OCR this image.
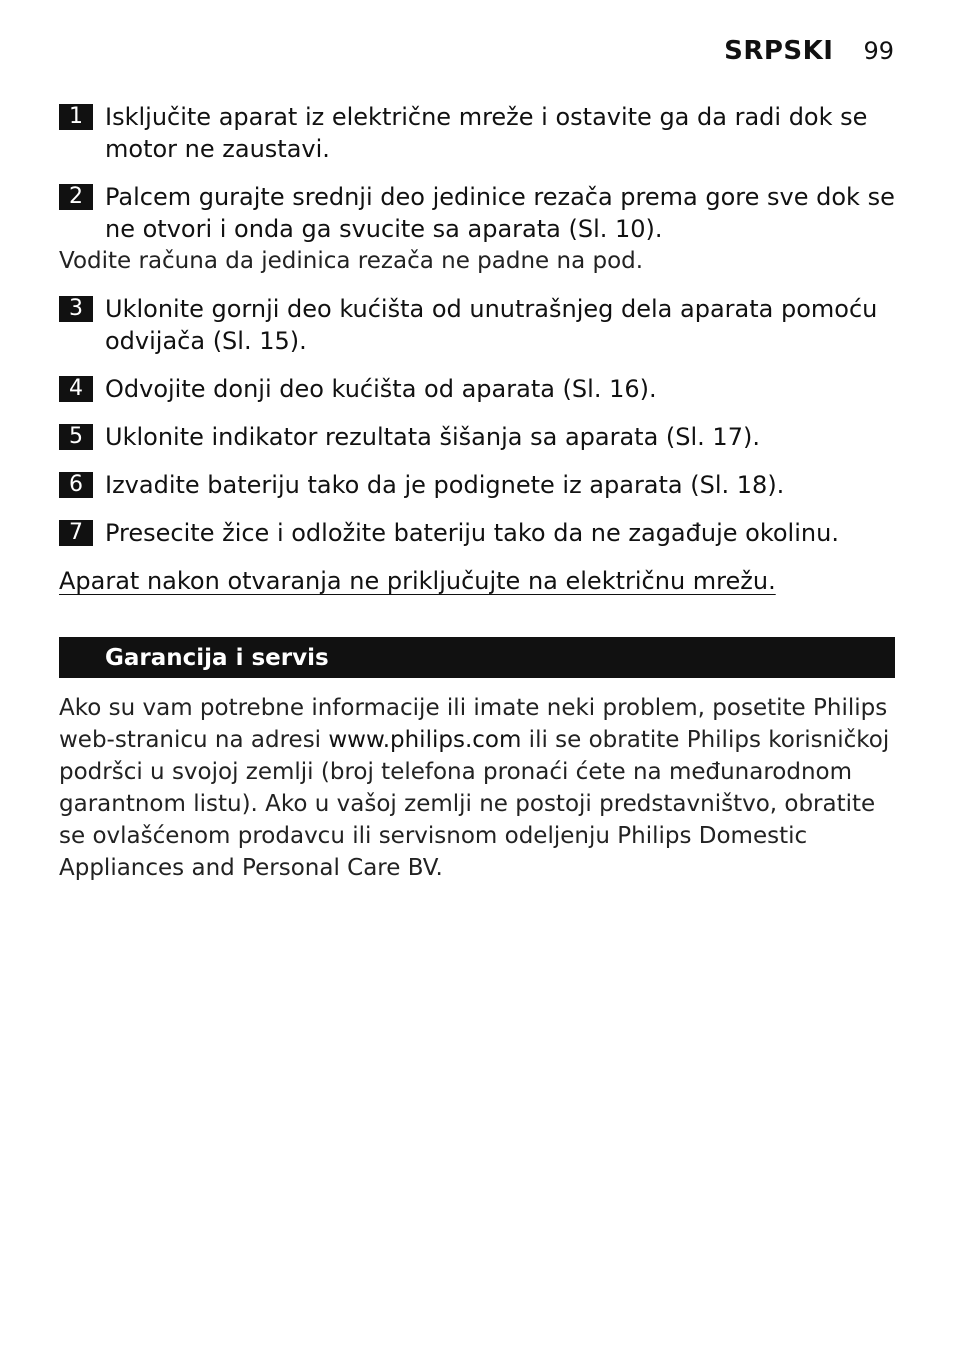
SRPSKI 99
1 Isključite aparat iz električne mreže i ostavite ga da radi dok se motor ne zaustavi.
2 Palcem gurajte srednji deo jedinice rezača prema gore sve dok se ne otvori i onda ga svucite sa aparata (Sl. 10).
Vodite računa da jedinica rezača ne padne na pod.
3 Uklonite gornji deo kućišta od unutrašnjeg dela aparata pomoću odvijača (Sl. 15).
4 Odvojite donji deo kućišta od aparata (Sl. 16).
5 Uklonite indikator rezultata šišanja sa aparata (Sl. 17).
6 Izvadite bateriju tako da je podignete iz aparata (Sl. 18).
7 Presecite žice i odložite bateriju tako da ne zagađuje okolinu.
Aparat nakon otvaranja ne priključujte na električnu mrežu.
Garancija i servis
Ako su vam potrebne informacije ili imate neki problem, posetite Philips web-stranicu na adresi www.philips.com ili se obratite Philips korisničkoj podršci u svojoj zemlji (broj telefona pronaći ćete na međunarodnom garantnom listu). Ako u vašoj zemlji ne postoji predstavništvo, obratite se ovlašćenom prodavcu ili servisnom odeljenju Philips Domestic Appliances and Personal Care BV.
